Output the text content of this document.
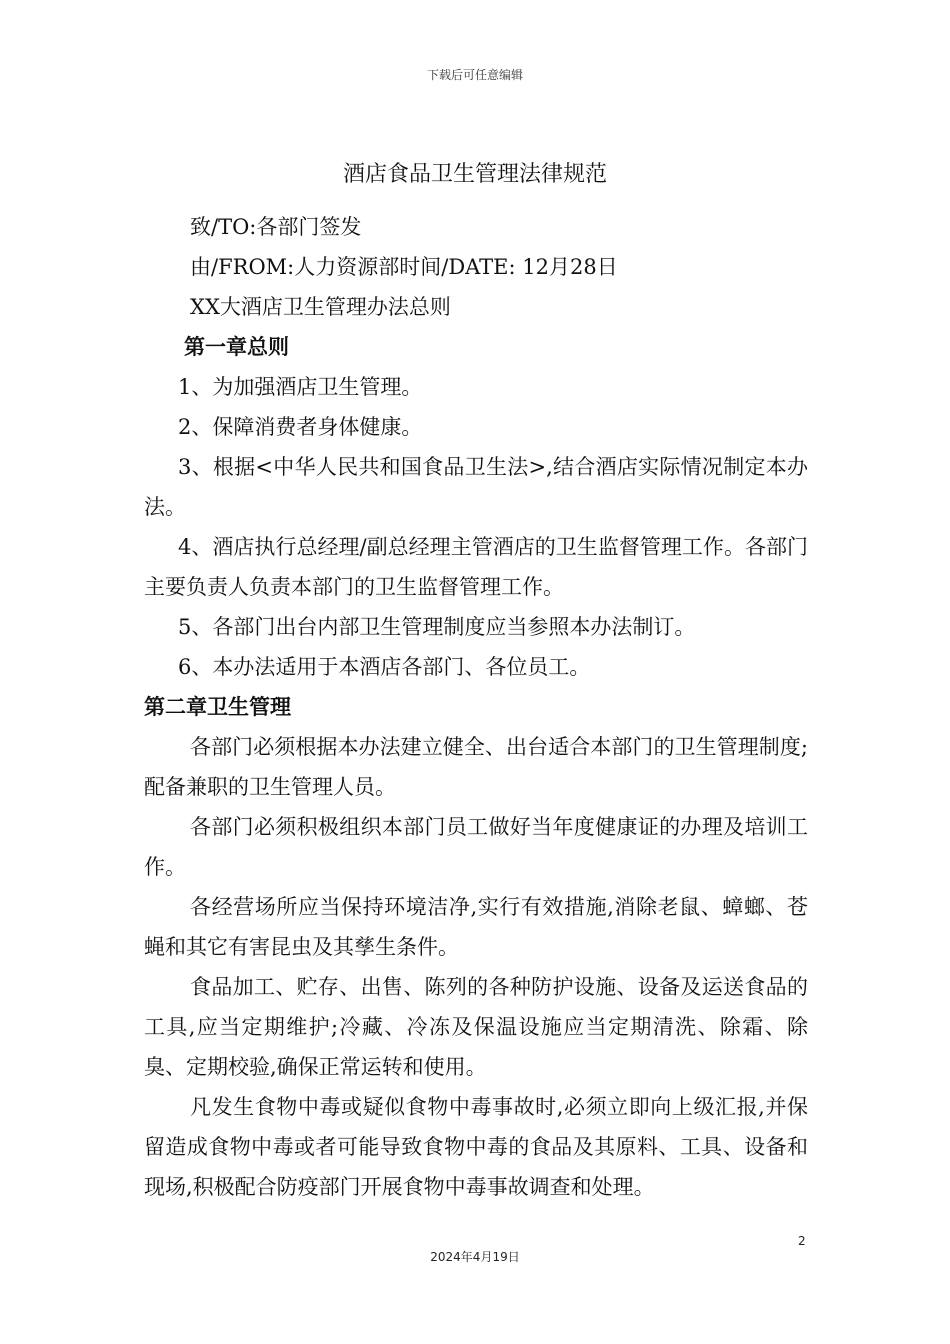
下载后可任意编辑
酒店食品卫生管理法律规范

致/TO:各部门签发

由/FROM:人力资源部时间/DATE: 12月28日

XX大酒店卫生管理办法总则

第一章总则

1、为加强酒店卫生管理。

2、保障消费者身体健康。

3、根据<中华人民共和国食品卫生法>,结合酒店实际情况制定本办法。

4、酒店执行总经理/副总经理主管酒店的卫生监督管理工作。各部门主要负责人负责本部门的卫生监督管理工作。

5、各部门出台内部卫生管理制度应当参照本办法制订。

6、本办法适用于本酒店各部门、各位员工。

第二章卫生管理

各部门必须根据本办法建立健全、出台适合本部门的卫生管理制度;配备兼职的卫生管理人员。

各部门必须积极组织本部门员工做好当年度健康证的办理及培训工作。

各经营场所应当保持环境洁净,实行有效措施,消除老鼠、蟑螂、苍蝇和其它有害昆虫及其孳生条件。

食品加工、贮存、出售、陈列的各种防护设施、设备及运送食品的工具,应当定期维护;冷藏、冷冻及保温设施应当定期清洗、除霜、除臭、定期校验,确保正常运转和使用。

凡发生食物中毒或疑似食物中毒事故时,必须立即向上级汇报,并保留造成食物中毒或者可能导致食物中毒的食品及其原料、工具、设备和现场,积极配合防疫部门开展食物中毒事故调查和处理。

2
2024年4月19日
